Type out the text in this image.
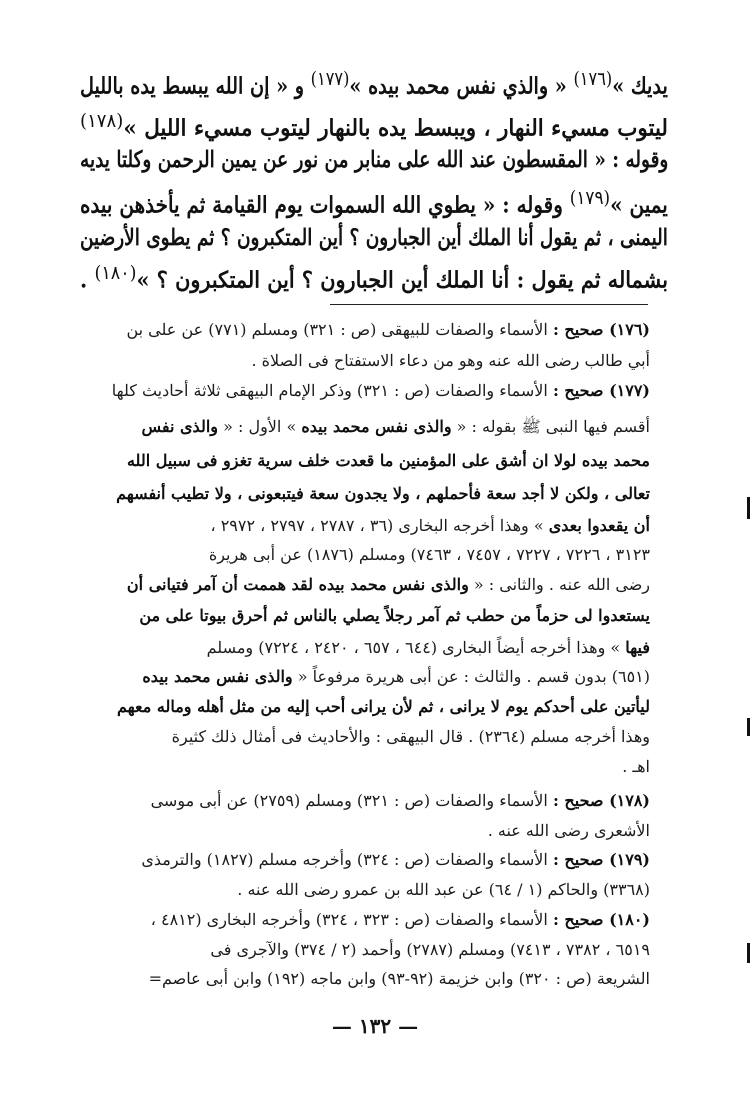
يديك »$^{(١٧٦)}$ « والذي نفس محمد بيده »$^{(١٧٧)}$ و « إن الله يبسط يده بالليل
ليتوب مسيء النهار ، ويبسط يده بالنهار ليتوب مسيء الليل »$^{(١٧٨)}$
وقوله : « المقسطون عند الله على منابر من نور عن يمين الرحمن وكلتا يديه
يمين »$^{(١٧٩)}$ وقوله : « يطوي الله السموات يوم القيامة ثم يأخذهن بيده
اليمنى ، ثم يقول أنا الملك أين الجبارون ؟ أين المتكبرون ؟ ثم يطوى الأرضين
بشماله ثم يقول : أنا الملك أين الجبارون ؟ أين المتكبرون ؟ »$^{(١٨٠)}$ .
(١٧٦) صحيح : الأسماء والصفات للبيهقى (ص : ٣٢١) ومسلم (٧٧١) عن على بن
أبي طالب رضى الله عنه وهو من دعاء الاستفتاح فى الصلاة .
(١٧٧) صحيح : الأسماء والصفات (ص : ٣٢١) وذكر الإمام البيهقى ثلاثة أحاديث كلها
أقسم فيها النبى ﷺ بقوله : « والذى نفس محمد بيده » الأول : « والذى نفس
محمد بيده لولا ان أشق على المؤمنين ما قعدت خلف سرية تغزو فى سبيل الله
تعالى ، ولكن لا أجد سعة فأحملهم ، ولا يجدون سعة فيتبعونى ، ولا تطيب أنفسهم
أن يقعدوا بعدى » وهذا أخرجه البخارى (٣٦ ، ٢٧٨٧ ، ٢٧٩٧ ، ٢٩٧٢ ،
٣١٢٣ ، ٧٢٢٦ ، ٧٢٢٧ ، ٧٤٥٧ ، ٧٤٦٣) ومسلم (١٨٧٦) عن أبى هريرة
رضى الله عنه . والثانى : « والذى نفس محمد بيده لقد هممت أن آمر فتيانى أن
يستعدوا لى حزماً من حطب ثم آمر رجلاً يصلي بالناس ثم أحرق بيوتا على من
فيها » وهذا أخرجه أيضاً البخارى (٦٤٤ ، ٦٥٧ ، ٢٤٢٠ ، ٧٢٢٤) ومسلم
(٦٥١) بدون قسم . والثالث : عن أبى هريرة مرفوعاً « والذى نفس محمد بيده
ليأتين على أحدكم يوم لا يرانى ، ثم لأن يرانى أحب إليه من مثل أهله وماله معهم
وهذا أخرجه مسلم (٢٣٦٤) . قال البيهقى : والأحاديث فى أمثال ذلك كثيرة
اهـ .
(١٧٨) صحيح : الأسماء والصفات (ص : ٣٢١) ومسلم (٢٧٥٩) عن أبى موسى
الأشعرى رضى الله عنه .
(١٧٩) صحيح : الأسماء والصفات (ص : ٣٢٤) وأخرجه مسلم (١٨٢٧) والترمذى
(٣٣٦٨) والحاكم (١ / ٦٤) عن عبد الله بن عمرو رضى الله عنه .
(١٨٠) صحيح : الأسماء والصفات (ص : ٣٢٣ ، ٣٢٤) وأخرجه البخارى (٤٨١٢ ،
٦٥١٩ ، ٧٣٨٢ ، ٧٤١٣) ومسلم (٢٧٨٧) وأحمد (٢ / ٣٧٤) والآجرى فى
الشريعة (ص : ٣٢٠) وابن خزيمة (٩٢-٩٣) وابن ماجه (١٩٢) وابن أبى عاصم=
— ١٣٢ —
